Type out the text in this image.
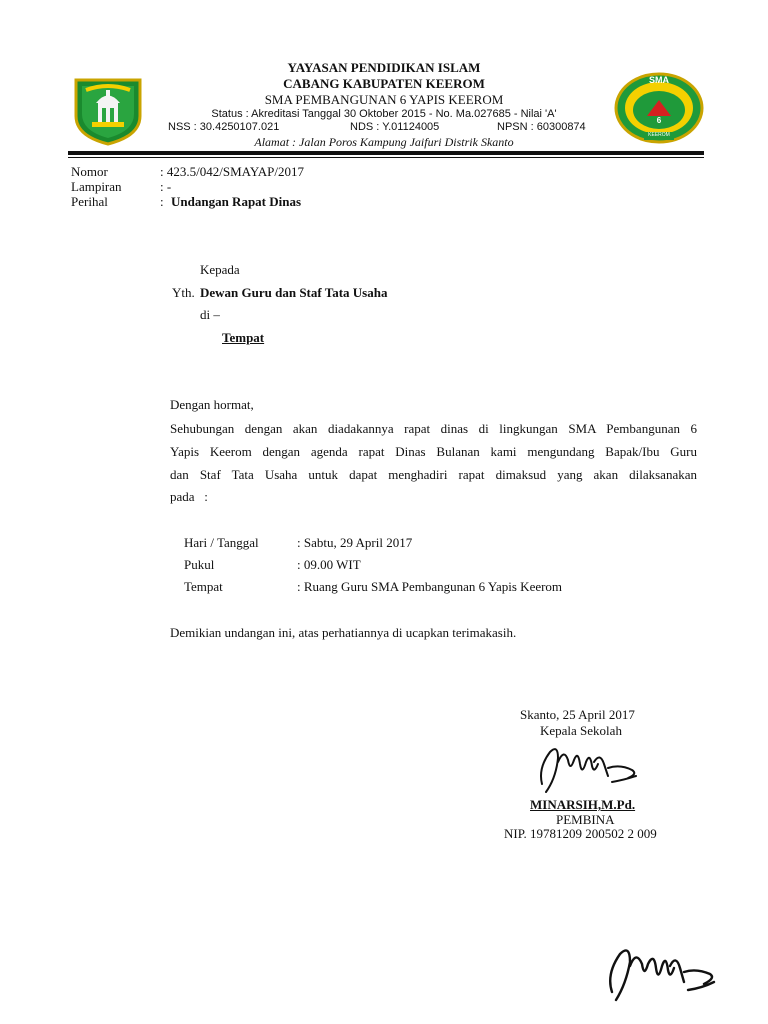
SMA
6
KEEROM
YAYASAN PENDIDIKAN ISLAM
CABANG KABUPATEN KEEROM
SMA PEMBANGUNAN 6 YAPIS KEEROM
Status : Akreditasi Tanggal 30 Oktober 2015 - No. Ma.027685 - Nilai 'A'
NSS : 30.4250107.021	NDS : Y.01124005	NPSN : 60300874
Alamat : Jalan Poros Kampung Jaifuri Distrik Skanto
Nomor	: 423.5/042/SMAYAP/2017
Lampiran	: -
Perihal	: Undangan Rapat Dinas
Kepada
Yth. Dewan Guru dan Staf Tata Usaha
di –
Tempat
Dengan hormat,
Sehubungan dengan akan diadakannya rapat dinas di lingkungan SMA Pembangunan 6
Yapis Keerom dengan agenda rapat Dinas Bulanan kami mengundang Bapak/Ibu Guru
dan Staf Tata Usaha untuk dapat menghadiri rapat dimaksud yang akan dilaksanakan
pada   :
Hari / Tanggal	: Sabtu, 29 April 2017
Pukul	: 09.00 WIT
Tempat	: Ruang Guru SMA Pembangunan 6 Yapis Keerom
Demikian undangan ini, atas perhatiannya di ucapkan terimakasih.
Skanto, 25 April 2017
Kepala Sekolah
MINARSIH,M.Pd.
PEMBINA
NIP. 19781209 200502 2 009
